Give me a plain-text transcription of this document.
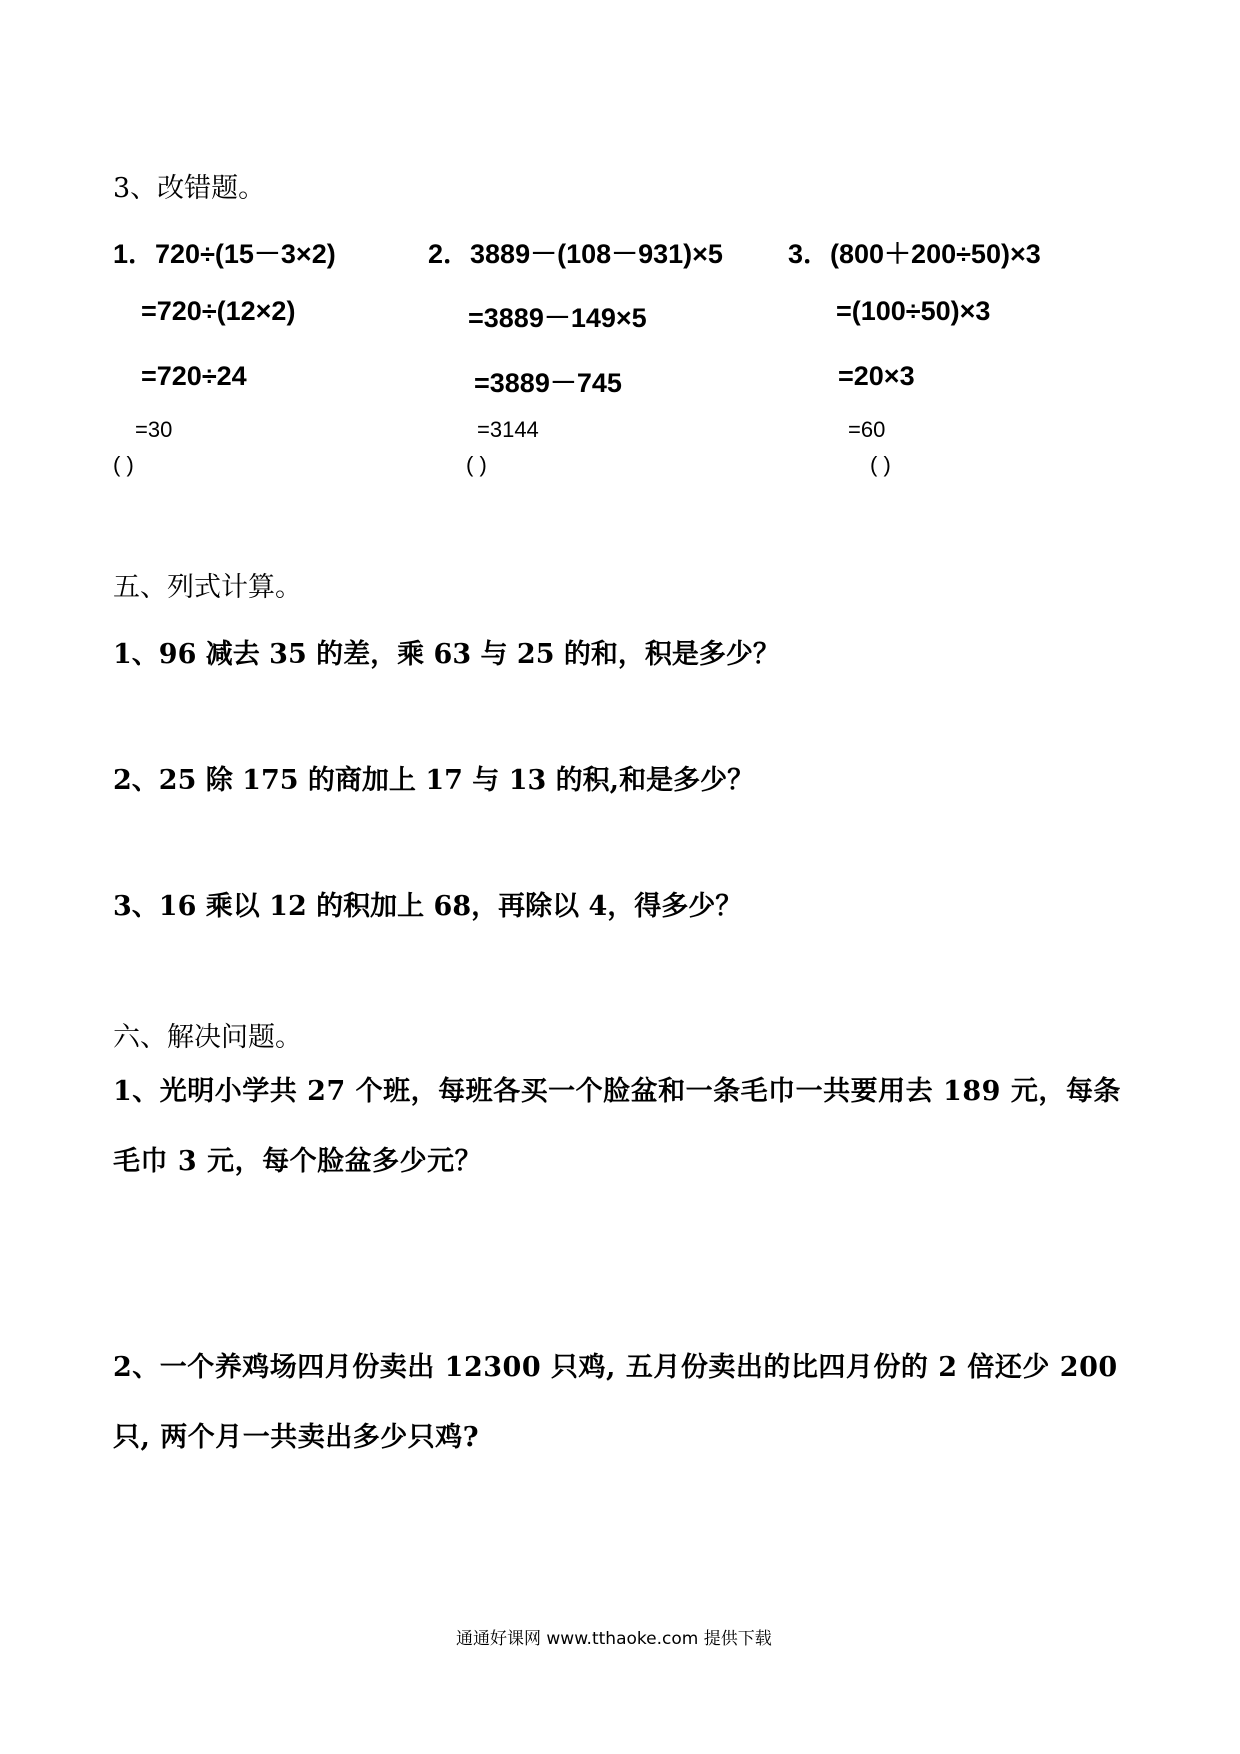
3、改错题。
1．720÷(15－3×2)
=720÷(12×2)
=720÷24
=30
( )
2．3889－(108－931)×5
=3889－149×5
=3889－745
=3144
( )
3．(800＋200÷50)×3
=(100÷50)×3
=20×3
=60
( )
五、列式计算。
1、96 减去 35 的差，乘 63 与 25 的和，积是多少？
2、25 除 175 的商加上 17 与 13 的积,和是多少？
3、16 乘以 12 的积加上 68，再除以 4，得多少？
六、解决问题。
1、光明小学共 27 个班，每班各买一个脸盆和一条毛巾一共要用去 189 元，每条毛巾 3 元，每个脸盆多少元？
2、一个养鸡场四月份卖出 12300 只鸡, 五月份卖出的比四月份的 2 倍还少 200 只, 两个月一共卖出多少只鸡?
通通好课网 www.tthaoke.com 提供下载
